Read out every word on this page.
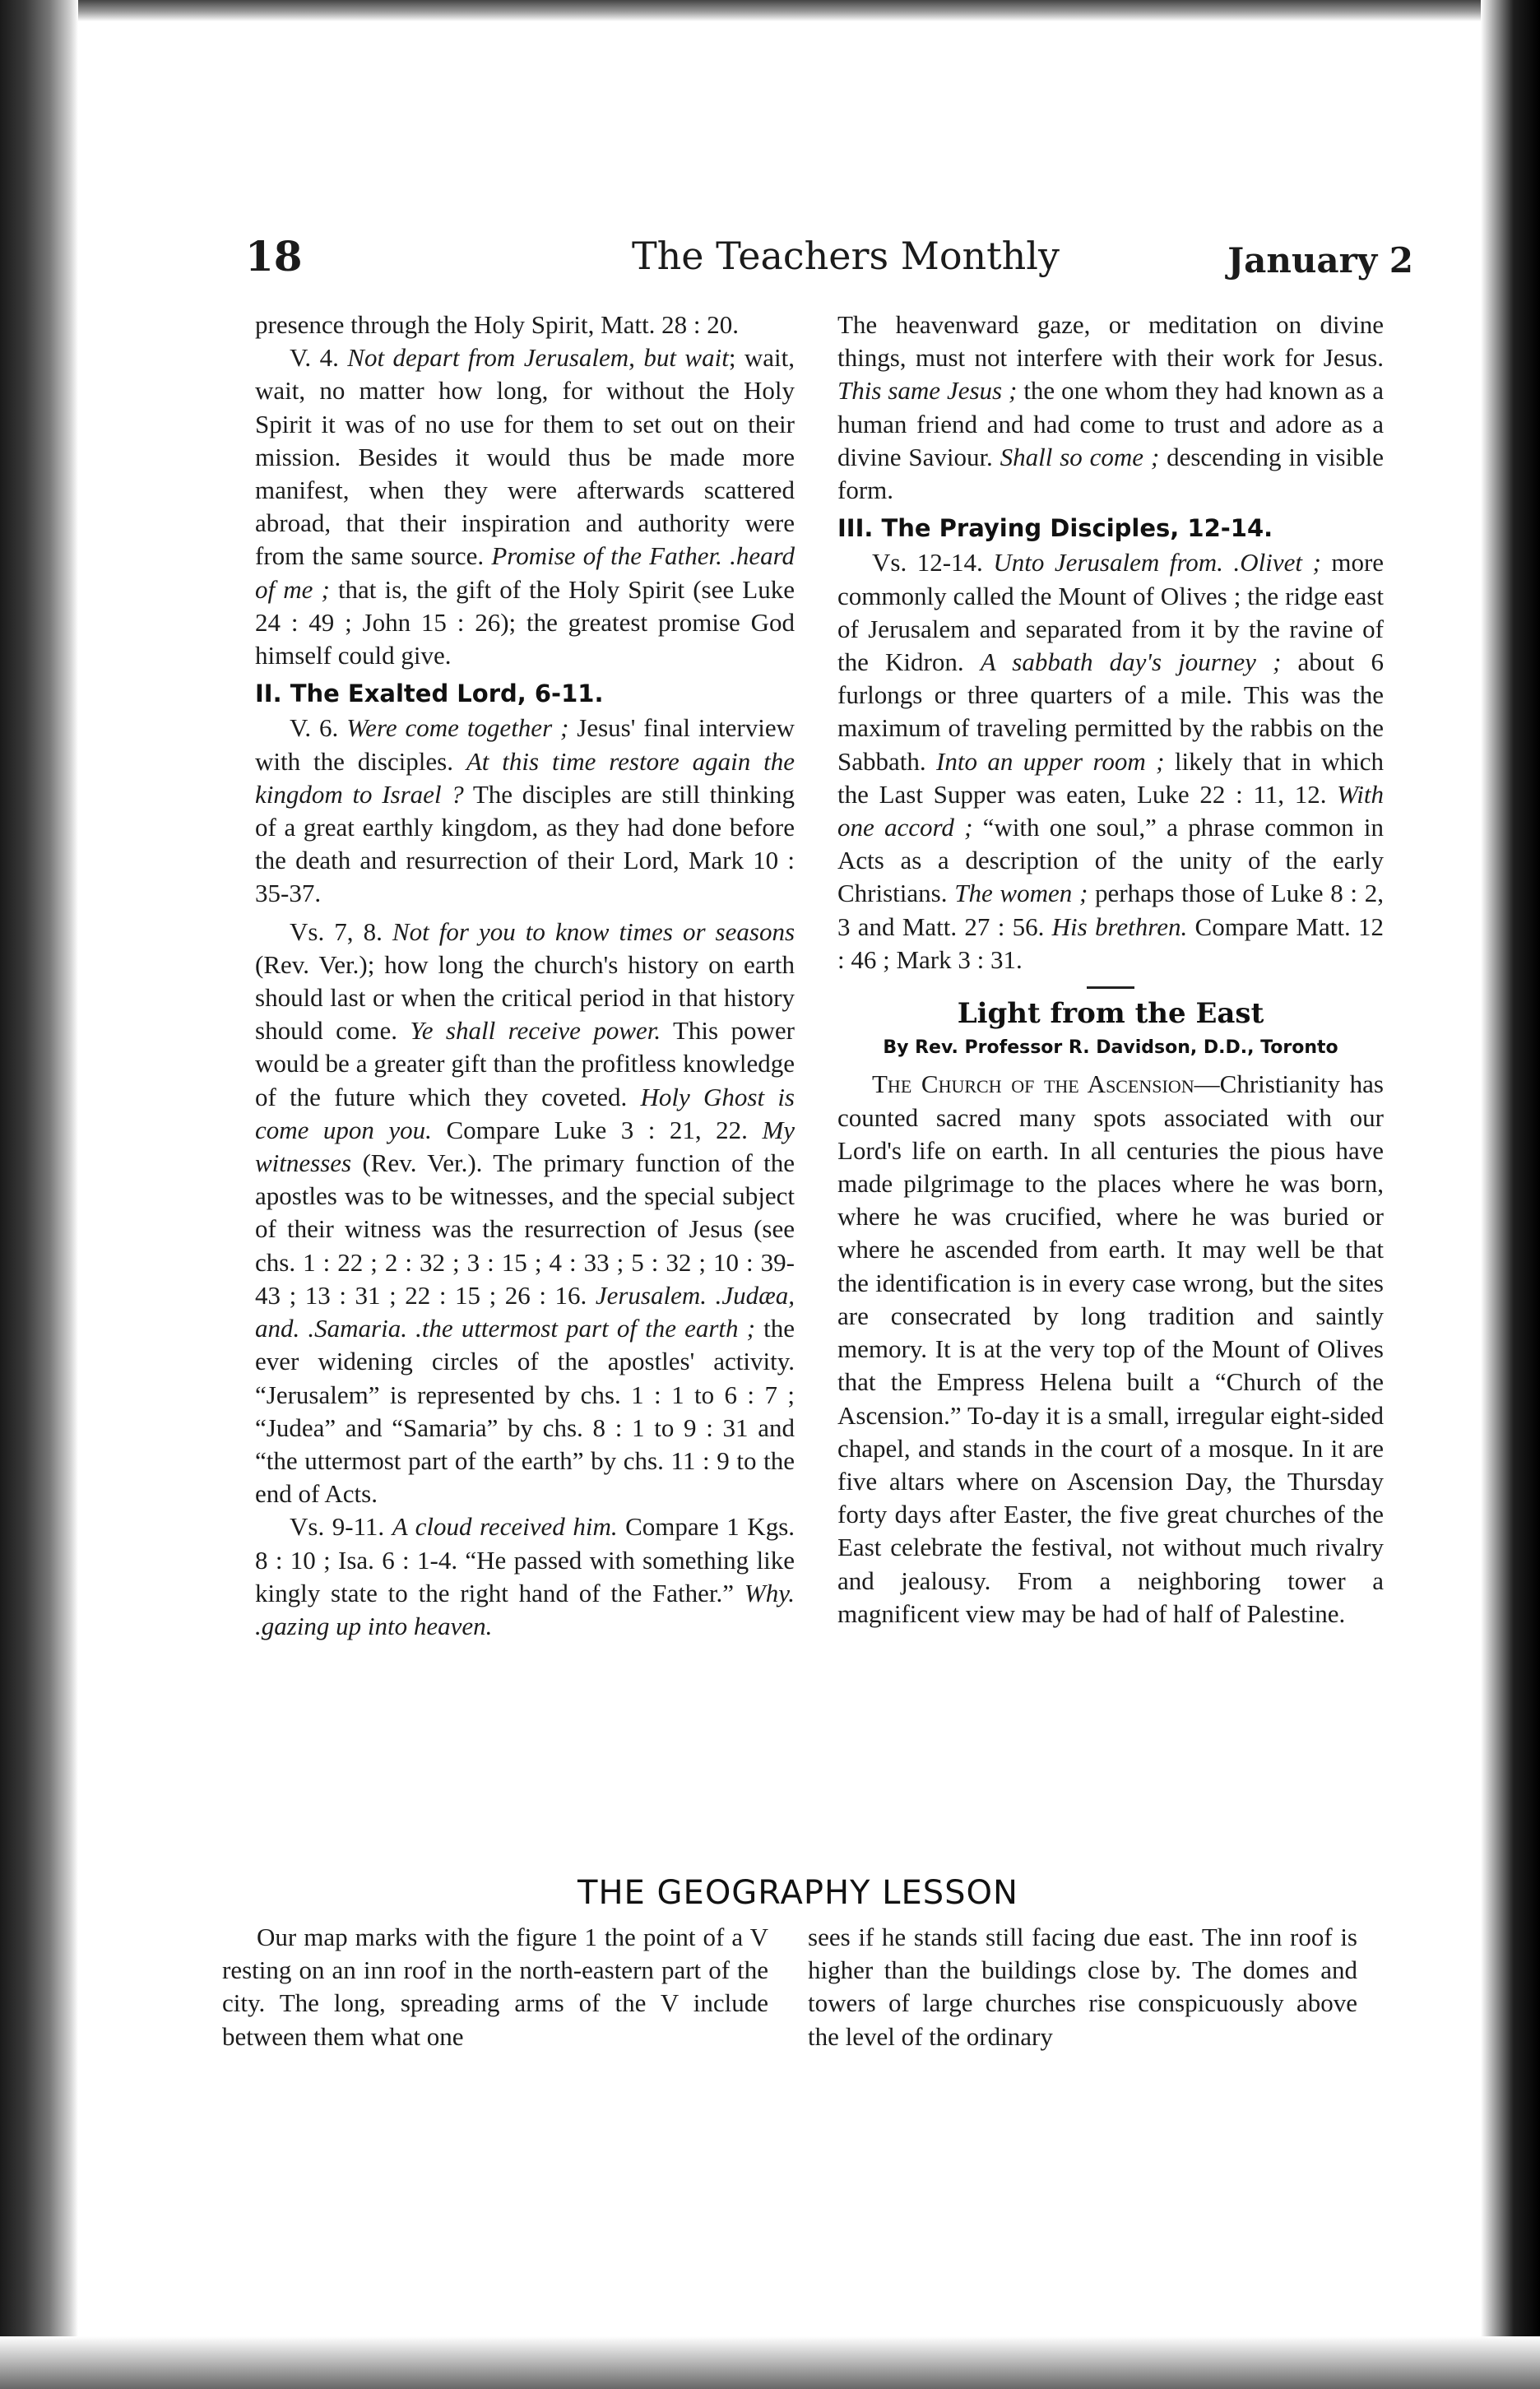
18	The Teachers Monthly	January 2

presence through the Holy Spirit, Matt. 28 : 20.

V. 4. Not depart from Jerusalem, but wait; wait, wait, no matter how long, for without the Holy Spirit it was of no use for them to set out on their mission. Besides it would thus be made more manifest, when they were afterwards scattered abroad, that their inspiration and authority were from the same source. Promise of the Father. .heard of me ; that is, the gift of the Holy Spirit (see Luke 24 : 49 ; John 15 : 26); the greatest promise God himself could give.

II. The Exalted Lord, 6-11.

V. 6. Were come together ; Jesus' final interview with the disciples. At this time restore again the kingdom to Israel ? The disciples are still thinking of a great earthly kingdom, as they had done before the death and resurrection of their Lord, Mark 10 : 35-37.

Vs. 7, 8. Not for you to know times or seasons (Rev. Ver.); how long the church's history on earth should last or when the critical period in that history should come. Ye shall receive power. This power would be a greater gift than the profitless knowledge of the future which they coveted. Holy Ghost is come upon you. Compare Luke 3 : 21, 22. My witnesses (Rev. Ver.). The primary function of the apostles was to be witnesses, and the special subject of their witness was the resurrection of Jesus (see chs. 1 : 22 ; 2 : 32 ; 3 : 15 ; 4 : 33 ; 5 : 32 ; 10 : 39-43 ; 13 : 31 ; 22 : 15 ; 26 : 16. Jerusalem. .Judæa, and. .Samaria. .the uttermost part of the earth ; the ever widening circles of the apostles' activity. “Jerusalem” is represented by chs. 1 : 1 to 6 : 7 ; “Judea” and “Samaria” by chs. 8 : 1 to 9 : 31 and “the uttermost part of the earth” by chs. 11 : 9 to the end of Acts.

Vs. 9-11. A cloud received him. Compare 1 Kgs. 8 : 10 ; Isa. 6 : 1-4. “He passed with something like kingly state to the right hand of the Father.” Why. .gazing up into heaven.

The heavenward gaze, or meditation on divine things, must not interfere with their work for Jesus. This same Jesus ; the one whom they had known as a human friend and had come to trust and adore as a divine Saviour. Shall so come ; descending in visible form.

III. The Praying Disciples, 12-14.

Vs. 12-14. Unto Jerusalem from. .Olivet ; more commonly called the Mount of Olives ; the ridge east of Jerusalem and separated from it by the ravine of the Kidron. A sabbath day's journey ; about 6 furlongs or three quarters of a mile. This was the maximum of traveling permitted by the rabbis on the Sabbath. Into an upper room ; likely that in which the Last Supper was eaten, Luke 22 : 11, 12. With one accord ; “with one soul,” a phrase common in Acts as a description of the unity of the early Christians. The women ; perhaps those of Luke 8 : 2, 3 and Matt. 27 : 56. His brethren. Compare Matt. 12 : 46 ; Mark 3 : 31.

Light from the East
By Rev. Professor R. Davidson, D.D., Toronto

The Church of the Ascension—Christianity has counted sacred many spots associated with our Lord's life on earth. In all centuries the pious have made pilgrimage to the places where he was born, where he was crucified, where he was buried or where he ascended from earth. It may well be that the identification is in every case wrong, but the sites are consecrated by long tradition and saintly memory. It is at the very top of the Mount of Olives that the Empress Helena built a “Church of the Ascension.” To-day it is a small, irregular eight-sided chapel, and stands in the court of a mosque. In it are five altars where on Ascension Day, the Thursday forty days after Easter, the five great churches of the East celebrate the festival, not without much rivalry and jealousy. From a neighboring tower a magnificent view may be had of half of Palestine.

THE GEOGRAPHY LESSON

Our map marks with the figure 1 the point of a V resting on an inn roof in the north-eastern part of the city. The long, spreading arms of the V include between them what one

sees if he stands still facing due east. The inn roof is higher than the buildings close by. The domes and towers of large churches rise conspicuously above the level of the ordinary
